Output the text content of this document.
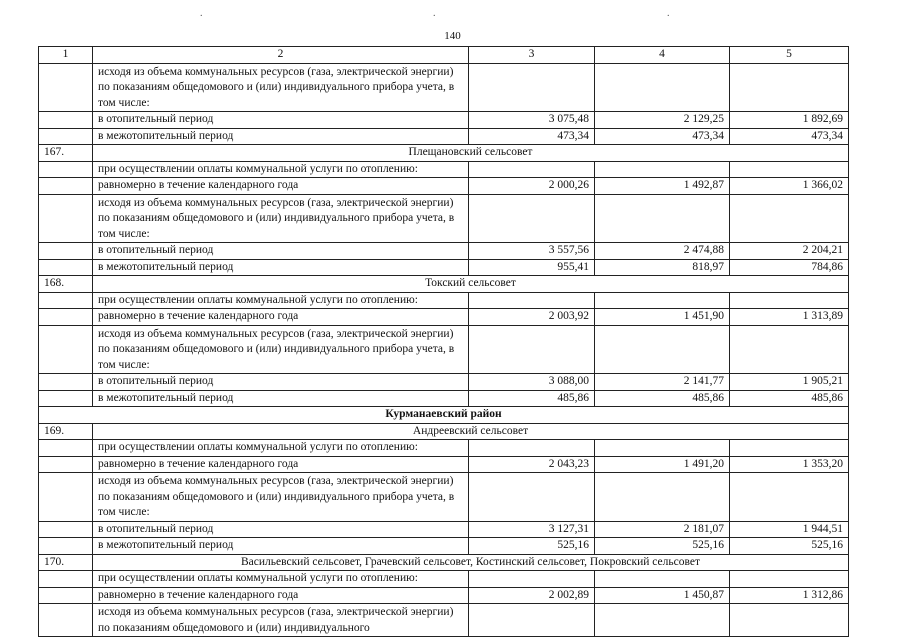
.	.	.
140
1	2	3	4	5
	исходя из объема коммунальных ресурсов (газа, электрической энергии) по показаниям общедомового и (или) индивидуального прибора учета, в том числе:			
	в отопительный период	3 075,48	2 129,25	1 892,69
	в межотопительный период	473,34	473,34	473,34
167.	Плещановский сельсовет			
	при осуществлении оплаты коммунальной услуги по отоплению:			
	равномерно в течение календарного года	2 000,26	1 492,87	1 366,02
	исходя из объема коммунальных ресурсов (газа, электрической энергии) по показаниям общедомового и (или) индивидуального прибора учета, в том числе:			
	в отопительный период	3 557,56	2 474,88	2 204,21
	в межотопительный период	955,41	818,97	784,86
168.	Токский сельсовет			
	при осуществлении оплаты коммунальной услуги по отоплению:			
	равномерно в течение календарного года	2 003,92	1 451,90	1 313,89
	исходя из объема коммунальных ресурсов (газа, электрической энергии) по показаниям общедомового и (или) индивидуального прибора учета, в том числе:			
	в отопительный период	3 088,00	2 141,77	1 905,21
	в межотопительный период	485,86	485,86	485,86
Курманаевский район				
169.	Андреевский сельсовет			
	при осуществлении оплаты коммунальной услуги по отоплению:			
	равномерно в течение календарного года	2 043,23	1 491,20	1 353,20
	исходя из объема коммунальных ресурсов (газа, электрической энергии) по показаниям общедомового и (или) индивидуального прибора учета, в том числе:			
	в отопительный период	3 127,31	2 181,07	1 944,51
	в межотопительный период	525,16	525,16	525,16
170.	Васильевский сельсовет, Грачевский сельсовет, Костинский сельсовет, Покровский сельсовет			
	при осуществлении оплаты коммунальной услуги по отоплению:			
	равномерно в течение календарного года	2 002,89	1 450,87	1 312,86
	исходя из объема коммунальных ресурсов (газа, электрической энергии) по показаниям общедомового и (или) индивидуального			
